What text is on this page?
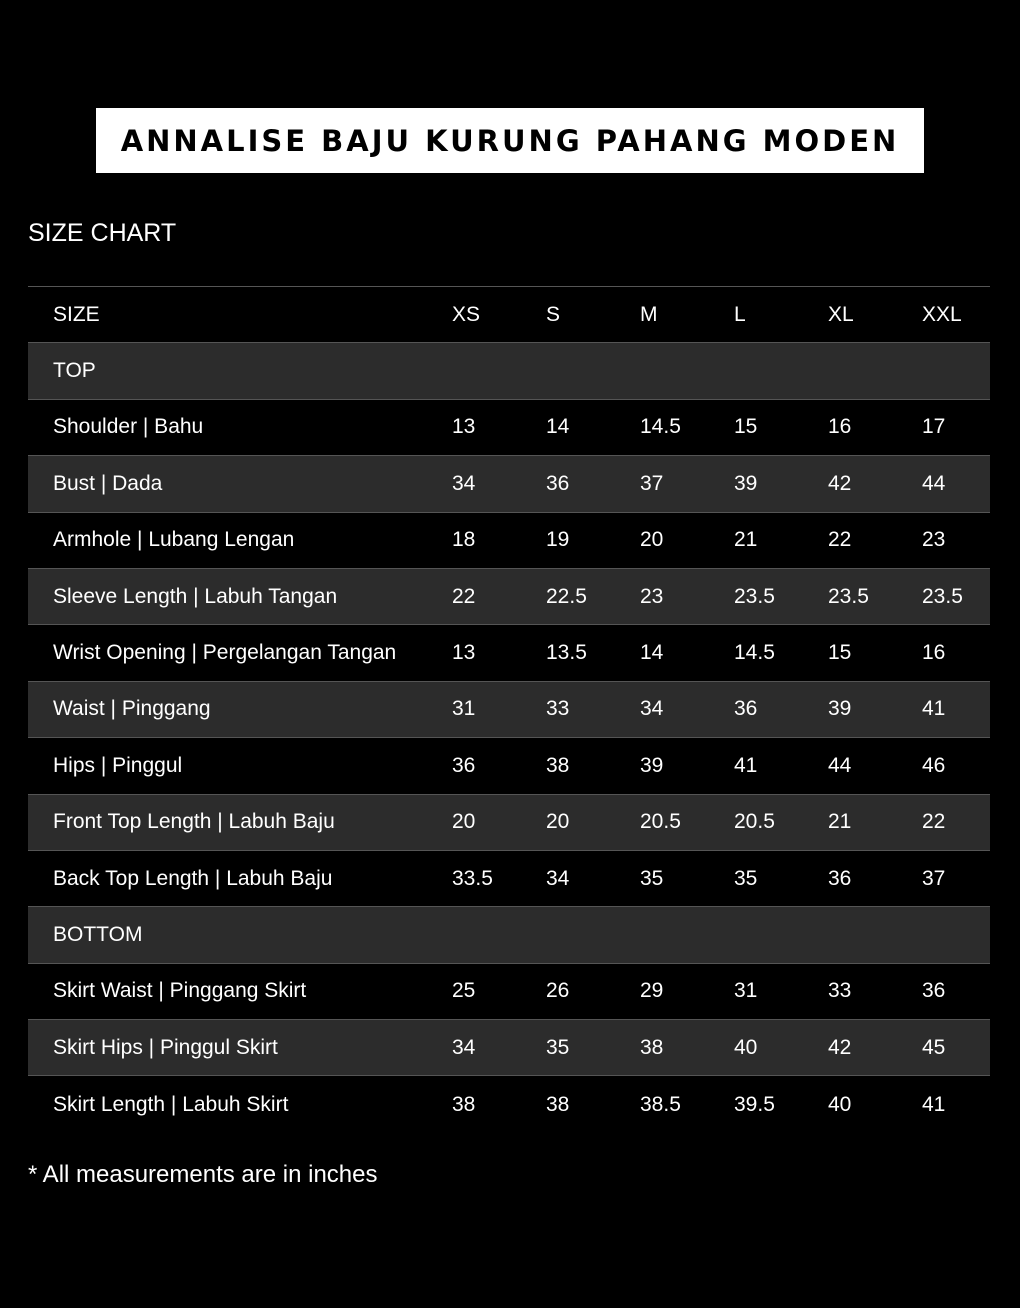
ANNALISE BAJU KURUNG PAHANG MODEN
SIZE CHART
SIZE	XS	S	M	L	XL	XXL
TOP
Shoulder | Bahu	13	14	14.5	15	16	17
Bust | Dada	34	36	37	39	42	44
Armhole | Lubang Lengan	18	19	20	21	22	23
Sleeve Length | Labuh Tangan	22	22.5	23	23.5	23.5	23.5
Wrist Opening | Pergelangan Tangan	13	13.5	14	14.5	15	16
Waist | Pinggang	31	33	34	36	39	41
Hips | Pinggul	36	38	39	41	44	46
Front Top Length | Labuh Baju	20	20	20.5	20.5	21	22
Back Top Length | Labuh Baju	33.5	34	35	35	36	37
BOTTOM
Skirt Waist | Pinggang Skirt	25	26	29	31	33	36
Skirt Hips | Pinggul Skirt	34	35	38	40	42	45
Skirt Length | Labuh Skirt	38	38	38.5	39.5	40	41
* All measurements are in inches
